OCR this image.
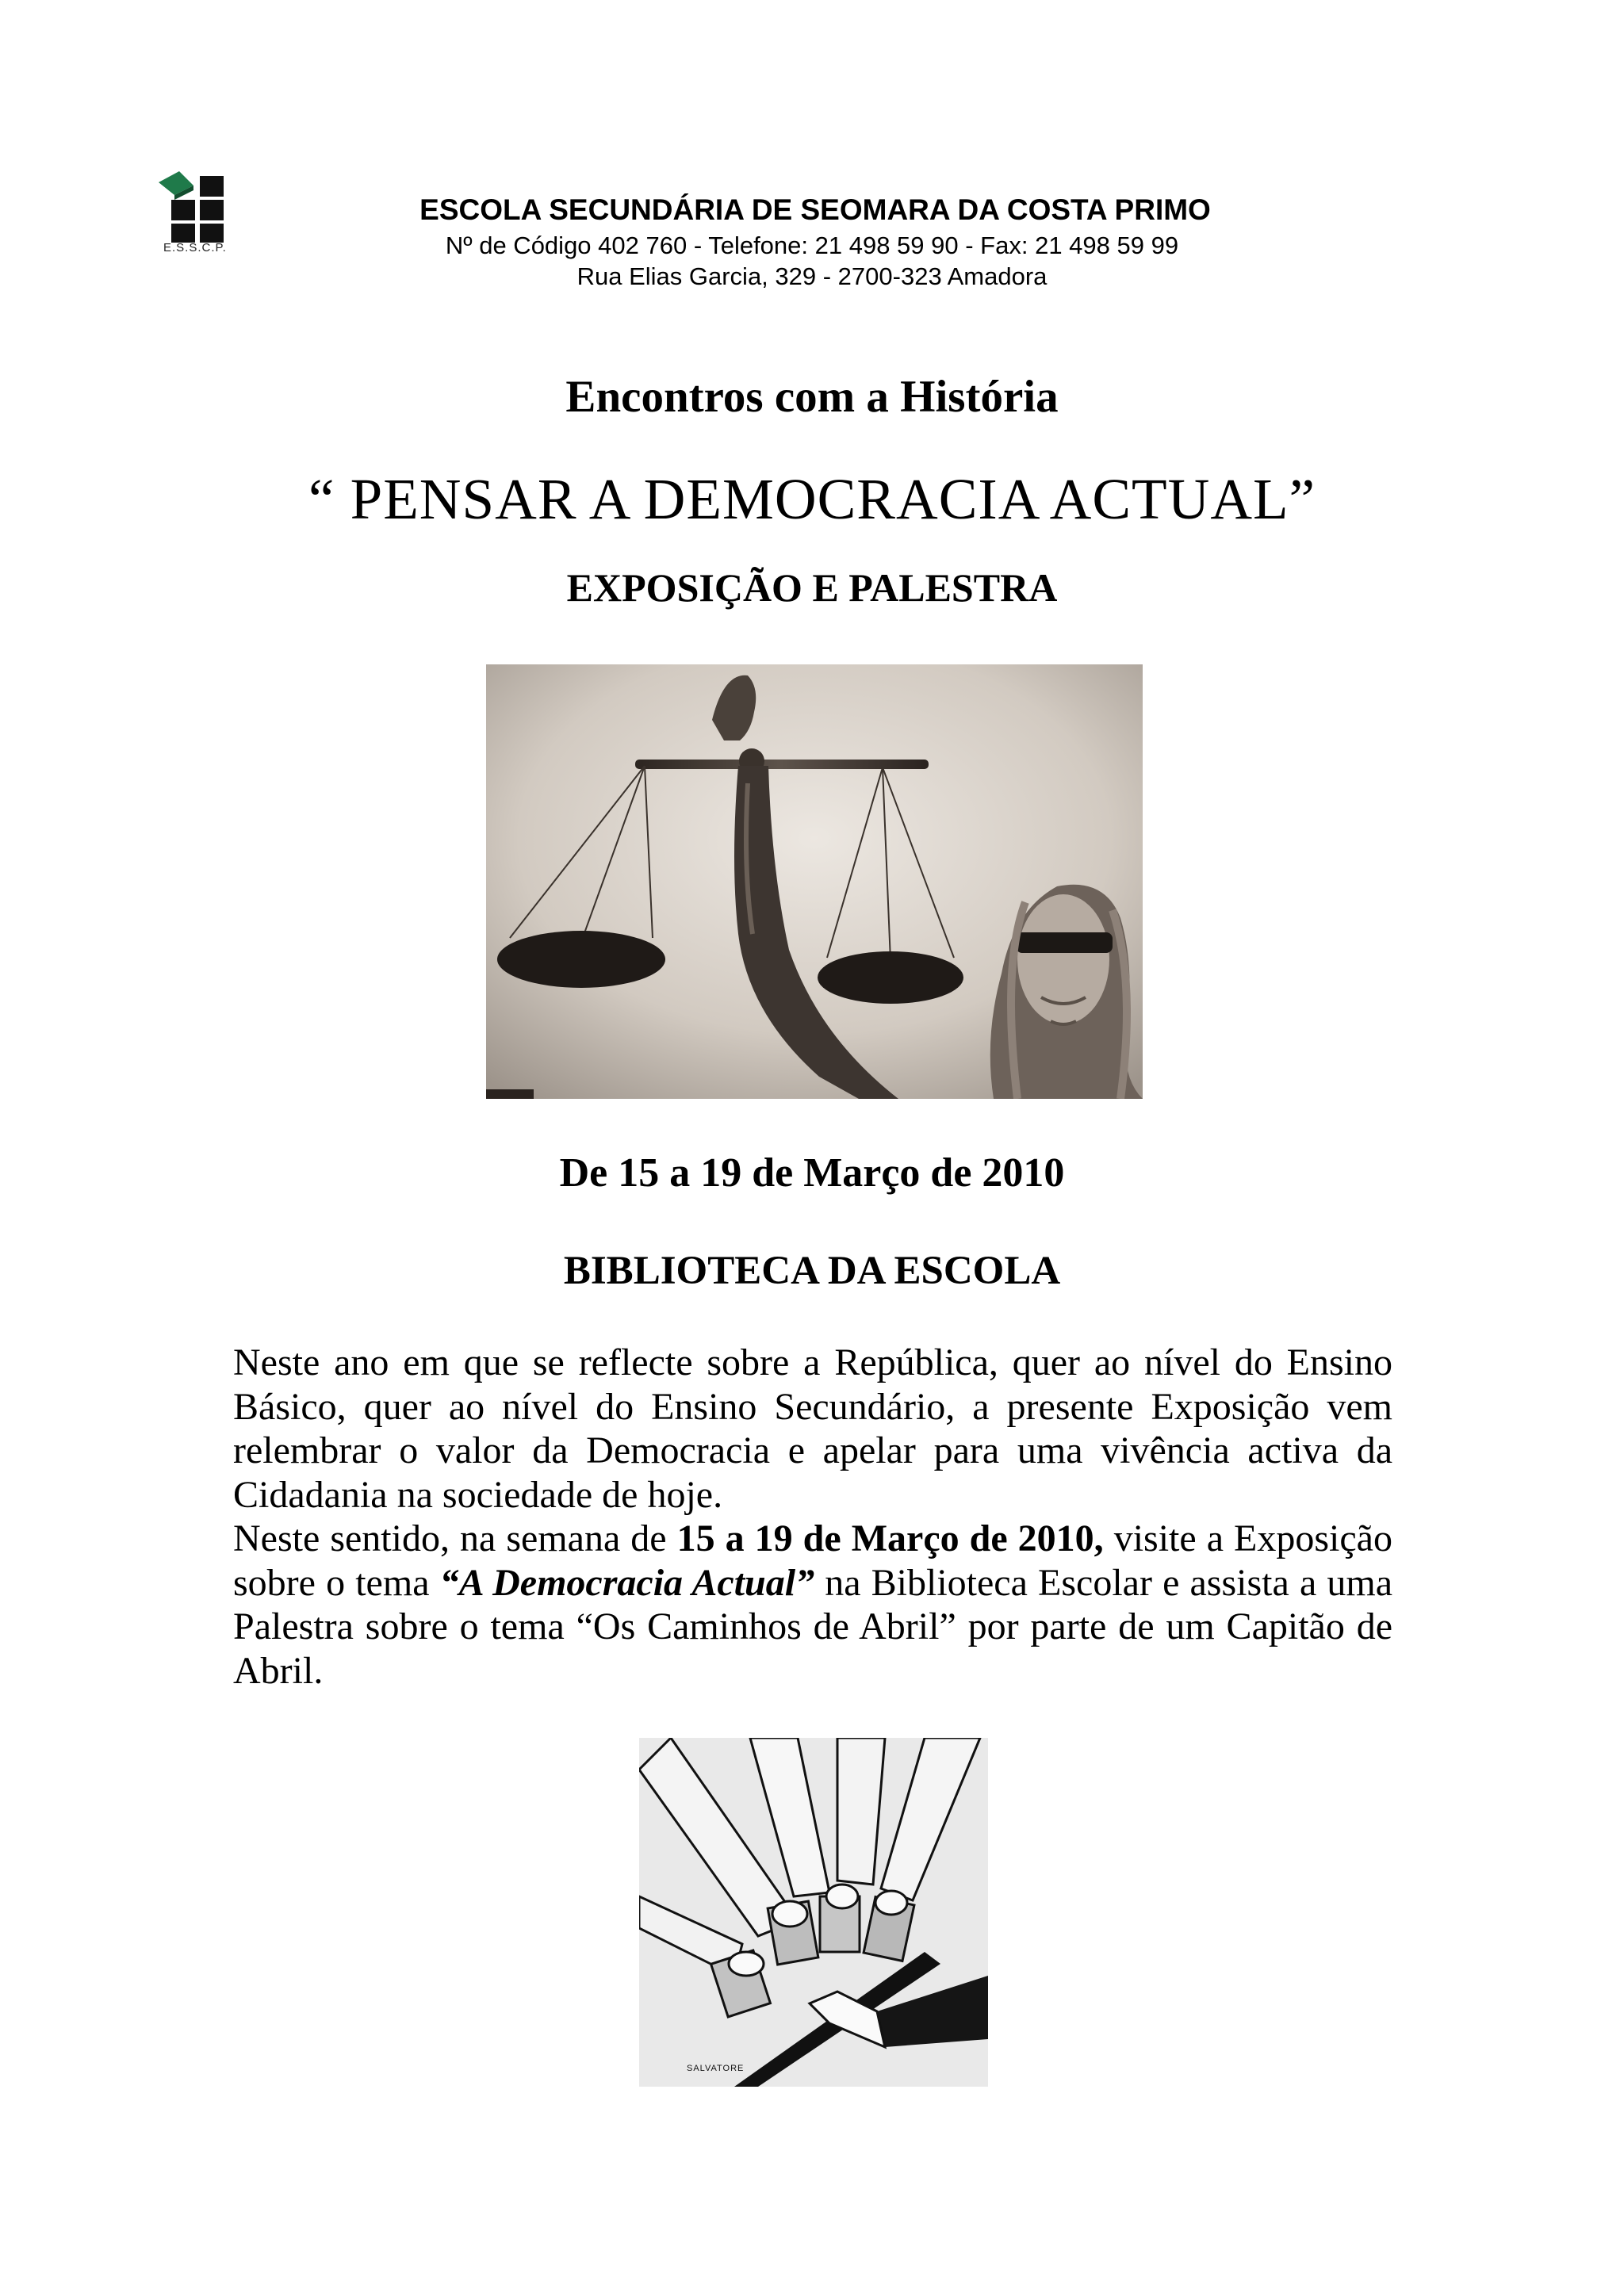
E.S.S.C.P.
ESCOLA SECUNDÁRIA DE SEOMARA DA COSTA PRIMO
Nº de Código 402 760 - Telefone: 21 498 59 90 - Fax: 21 498 59 99
Rua Elias Garcia, 329 - 2700-323 Amadora
Encontros com a História
“ PENSAR A DEMOCRACIA ACTUAL”
EXPOSIÇÃO E PALESTRA
De 15 a 19 de Março de 2010
BIBLIOTECA DA ESCOLA

Neste ano em que se reflecte sobre a República, quer ao nível do Ensino Básico, quer ao nível do Ensino Secundário, a presente Exposição vem relembrar o valor da Democracia e apelar para uma vivência activa da Cidadania na sociedade de hoje.

Neste sentido, na semana de 15 a 19 de Março de 2010, visite a Exposição sobre o tema “A Democracia Actual” na Biblioteca Escolar e assista a uma Palestra sobre o tema “Os Caminhos de Abril” por parte de um Capitão de Abril.

SALVATORE
